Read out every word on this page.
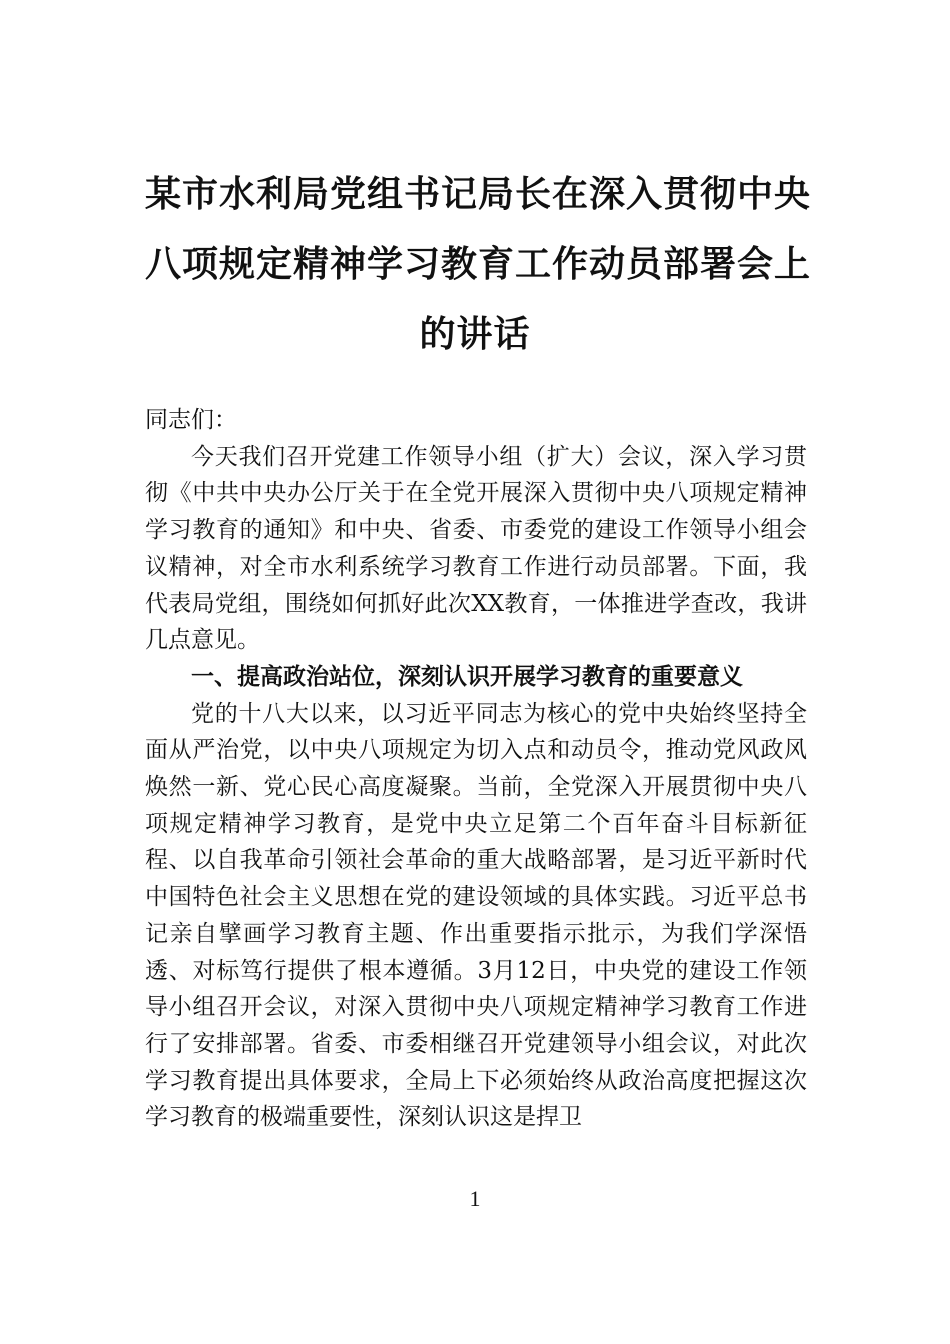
某市水利局党组书记局长在深入贯彻中央
八项规定精神学习教育工作动员部署会上
的讲话

同志们：

今天我们召开党建工作领导小组（扩大）会议，深入学习贯彻《中共中央办公厅关于在全党开展深入贯彻中央八项规定精神学习教育的通知》和中央、省委、市委党的建设工作领导小组会议精神，对全市水利系统学习教育工作进行动员部署。下面，我代表局党组，围绕如何抓好此次XX教育，一体推进学查改，我讲几点意见。

一、提高政治站位，深刻认识开展学习教育的重要意义

党的十八大以来，以习近平同志为核心的党中央始终坚持全面从严治党，以中央八项规定为切入点和动员令，推动党风政风焕然一新、党心民心高度凝聚。当前，全党深入开展贯彻中央八项规定精神学习教育，是党中央立足第二个百年奋斗目标新征程、以自我革命引领社会革命的重大战略部署，是习近平新时代中国特色社会主义思想在党的建设领域的具体实践。习近平总书记亲自擘画学习教育主题、作出重要指示批示，为我们学深悟透、对标笃行提供了根本遵循。3月12日，中央党的建设工作领导小组召开会议，对深入贯彻中央八项规定精神学习教育工作进行了安排部署。省委、市委相继召开党建领导小组会议，对此次学习教育提出具体要求，全局上下必须始终从政治高度把握这次学习教育的极端重要性，深刻认识这是捍卫

1
